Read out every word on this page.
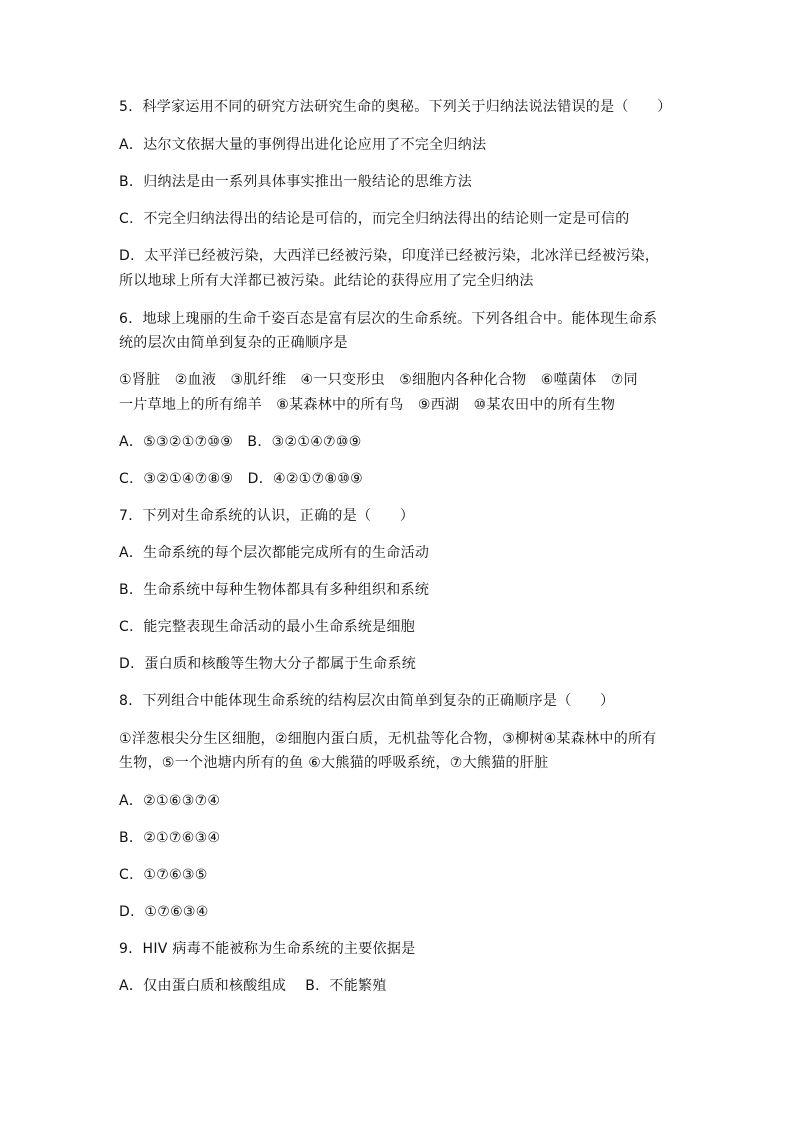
5．科学家运用不同的研究方法研究生命的奥秘。下列关于归纳法说法错误的是（　　）
A．达尔文依据大量的事例得出进化论应用了不完全归纳法
B．归纳法是由一系列具体事实推出一般结论的思维方法
C．不完全归纳法得出的结论是可信的，而完全归纳法得出的结论则一定是可信的
D．太平洋已经被污染，大西洋已经被污染，印度洋已经被污染，北冰洋已经被污染，
所以地球上所有大洋都已被污染。此结论的获得应用了完全归纳法
6．地球上瑰丽的生命千姿百态是富有层次的生命系统。下列各组合中。能体现生命系
统的层次由简单到复杂的正确顺序是
①肾脏　②血液　③肌纤维　④一只变形虫　⑤细胞内各种化合物　⑥噬菌体　⑦同
一片草地上的所有绵羊　⑧某森林中的所有鸟　⑨西湖　⑩某农田中的所有生物
A．⑤③②①⑦⑩⑨　B．③②①④⑦⑩⑨
C．③②①④⑦⑧⑨　D．④②①⑦⑧⑩⑨
7．下列对生命系统的认识，正确的是（　　）
A．生命系统的每个层次都能完成所有的生命活动
B．生命系统中每种生物体都具有多种组织和系统
C．能完整表现生命活动的最小生命系统是细胞
D．蛋白质和核酸等生物大分子都属于生命系统
8．下列组合中能体现生命系统的结构层次由简单到复杂的正确顺序是（　　）
①洋葱根尖分生区细胞，②细胞内蛋白质，无机盐等化合物，③柳树④某森林中的所有
生物，⑤一个池塘内所有的鱼 ⑥大熊猫的呼吸系统，⑦大熊猫的肝脏
A．②①⑥③⑦④
B．②①⑦⑥③④
C．①⑦⑥③⑤
D．①⑦⑥③④
9．HIV 病毒不能被称为生命系统的主要依据是
A．仅由蛋白质和核酸组成　 B．不能繁殖
